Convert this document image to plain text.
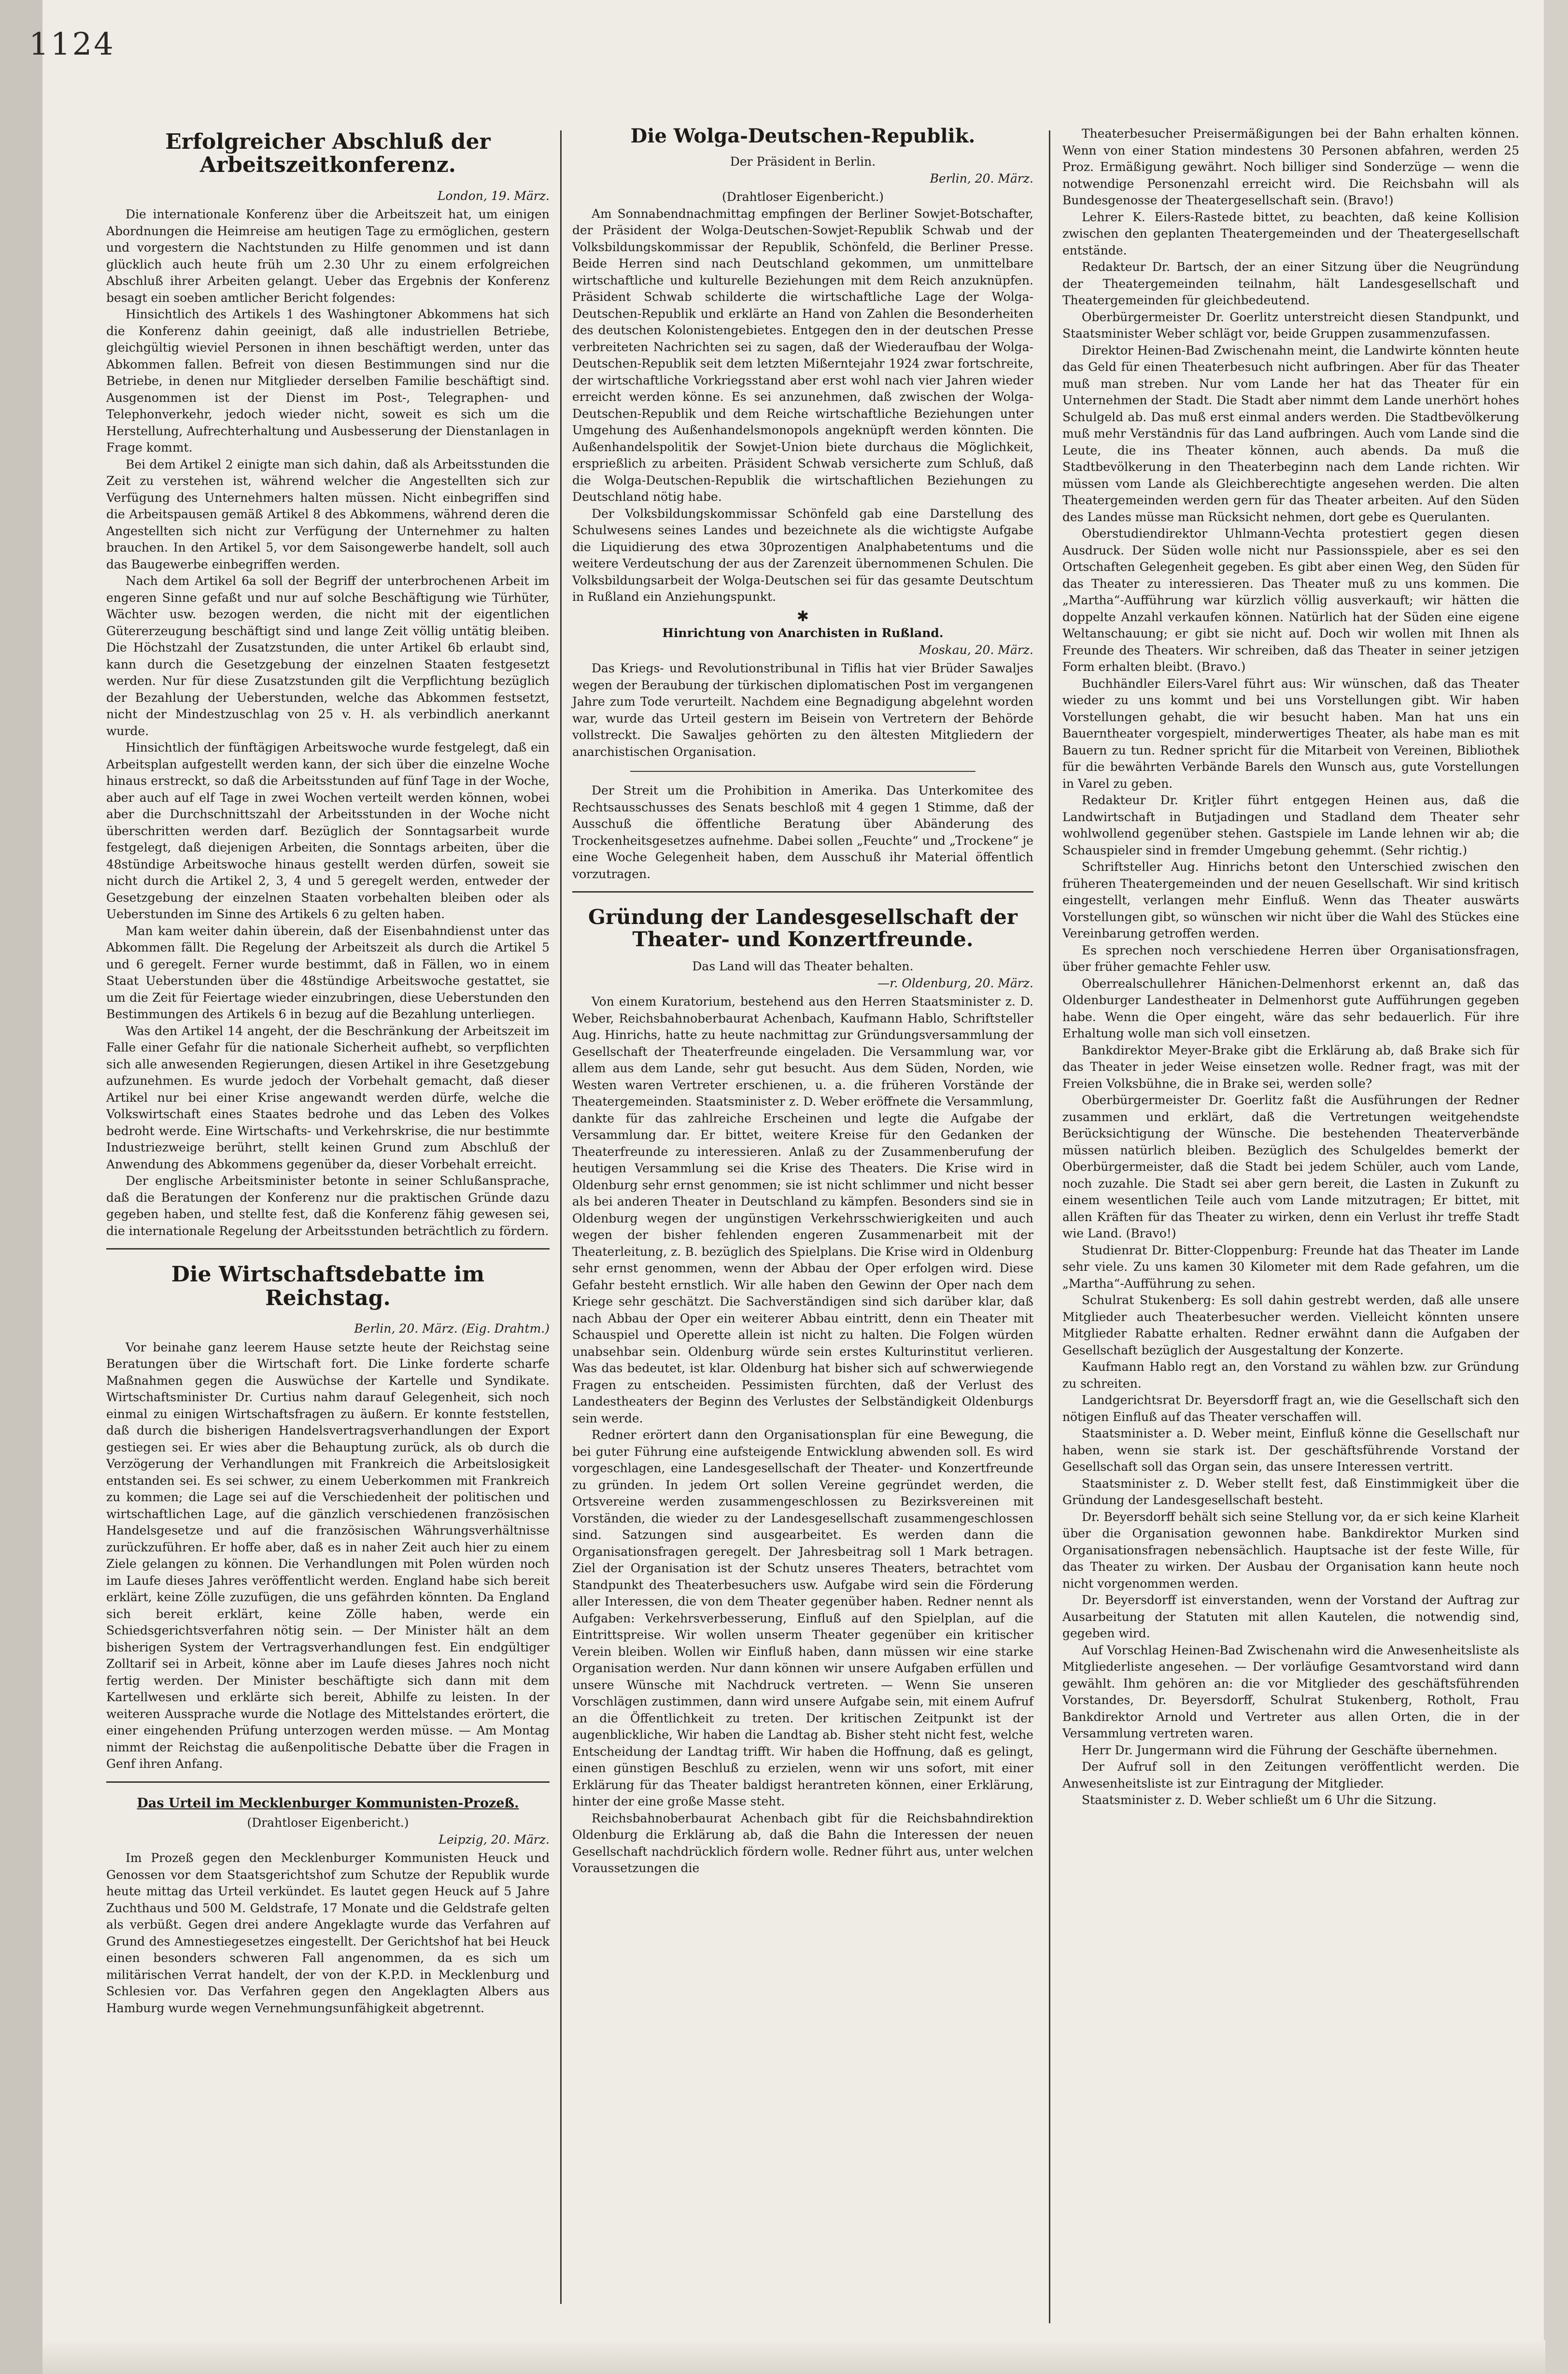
1124
Erfolgreicher Abschluß der Arbeitszeitkonferenz.
London, 19. März.

Die internationale Konferenz über die Arbeitszeit hat, um einigen Abordnungen die Heimreise am heutigen Tage zu ermöglichen, gestern und vorgestern die Nachtstunden zu Hilfe genommen und ist dann glücklich auch heute früh um 2.30 Uhr zu einem erfolgreichen Abschluß ihrer Arbeiten gelangt. Ueber das Ergebnis der Konferenz besagt ein soeben amtlicher Bericht folgendes:

Hinsichtlich des Artikels 1 des Washingtoner Abkommens hat sich die Konferenz dahin geeinigt, daß alle industriellen Betriebe, gleichgültig wieviel Personen in ihnen beschäftigt werden, unter das Abkommen fallen. Befreit von diesen Bestimmungen sind nur die Betriebe, in denen nur Mitglieder derselben Familie beschäftigt sind. Ausgenommen ist der Dienst im Post-, Telegraphen- und Telephonverkehr, jedoch wieder nicht, soweit es sich um die Herstellung, Aufrechterhaltung und Ausbesserung der Dienstanlagen in Frage kommt.

Bei dem Artikel 2 einigte man sich dahin, daß als Arbeitsstunden die Zeit zu verstehen ist, während welcher die Angestellten sich zur Verfügung des Unternehmers halten müssen. Nicht einbegriffen sind die Arbeitspausen gemäß Artikel 8 des Abkommens, während deren die Angestellten sich nicht zur Verfügung der Unternehmer zu halten brauchen. In den Artikel 5, vor dem Saisongewerbe handelt, soll auch das Baugewerbe einbegriffen werden.

Nach dem Artikel 6a soll der Begriff der unterbrochenen Arbeit im engeren Sinne gefaßt und nur auf solche Beschäftigung wie Türhüter, Wächter usw. bezogen werden, die nicht mit der eigentlichen Gütererzeugung beschäftigt sind und lange Zeit völlig untätig bleiben. Die Höchstzahl der Zusatzstunden, die unter Artikel 6b erlaubt sind, kann durch die Gesetzgebung der einzelnen Staaten festgesetzt werden. Nur für diese Zusatzstunden gilt die Verpflichtung bezüglich der Bezahlung der Ueberstunden, welche das Abkommen festsetzt, nicht der Mindestzuschlag von 25 v. H. als verbindlich anerkannt wurde.

Hinsichtlich der fünftägigen Arbeitswoche wurde festgelegt, daß ein Arbeitsplan aufgestellt werden kann, der sich über die einzelne Woche hinaus erstreckt, so daß die Arbeitsstunden auf fünf Tage in der Woche, aber auch auf elf Tage in zwei Wochen verteilt werden können, wobei aber die Durchschnittszahl der Arbeitsstunden in der Woche nicht überschritten werden darf. Bezüglich der Sonntagsarbeit wurde festgelegt, daß diejenigen Arbeiten, die Sonntags arbeiten, über die 48stündige Arbeitswoche hinaus gestellt werden dürfen, soweit sie nicht durch die Artikel 2, 3, 4 und 5 geregelt werden, entweder der Gesetzgebung der einzelnen Staaten vorbehalten bleiben oder als Ueberstunden im Sinne des Artikels 6 zu gelten haben.

Man kam weiter dahin überein, daß der Eisenbahndienst unter das Abkommen fällt. Die Regelung der Arbeitszeit als durch die Artikel 5 und 6 geregelt. Ferner wurde bestimmt, daß in Fällen, wo in einem Staat Ueberstunden über die 48stündige Arbeitswoche gestattet, sie um die Zeit für Feiertage wieder einzubringen, diese Ueberstunden den Bestimmungen des Artikels 6 in bezug auf die Bezahlung unterliegen.

Was den Artikel 14 angeht, der die Beschränkung der Arbeitszeit im Falle einer Gefahr für die nationale Sicherheit aufhebt, so verpflichten sich alle anwesenden Regierungen, diesen Artikel in ihre Gesetzgebung aufzunehmen. Es wurde jedoch der Vorbehalt gemacht, daß dieser Artikel nur bei einer Krise angewandt werden dürfe, welche die Volkswirtschaft eines Staates bedrohe und das Leben des Volkes bedroht werde. Eine Wirtschafts- und Verkehrskrise, die nur bestimmte Industriezweige berührt, stellt keinen Grund zum Abschluß der Anwendung des Abkommens gegenüber da, dieser Vorbehalt erreicht.

Der englische Arbeitsminister betonte in seiner Schlußansprache, daß die Beratungen der Konferenz nur die praktischen Gründe dazu gegeben haben, und stellte fest, daß die Konferenz fähig gewesen sei, die internationale Regelung der Arbeitsstunden beträchtlich zu fördern.

Die Wirtschaftsdebatte im Reichstag.
Berlin, 20. März. (Eig. Drahtm.)

Vor beinahe ganz leerem Hause setzte heute der Reichstag seine Beratungen über die Wirtschaft fort. Die Linke forderte scharfe Maßnahmen gegen die Auswüchse der Kartelle und Syndikate. Wirtschaftsminister Dr. Curtius nahm darauf Gelegenheit, sich noch einmal zu einigen Wirtschaftsfragen zu äußern. Er konnte feststellen, daß durch die bisherigen Handelsvertragsverhandlungen der Export gestiegen sei. Er wies aber die Behauptung zurück, als ob durch die Verzögerung der Verhandlungen mit Frankreich die Arbeitslosigkeit entstanden sei. Es sei schwer, zu einem Ueberkommen mit Frankreich zu kommen; die Lage sei auf die Verschiedenheit der politischen und wirtschaftlichen Lage, auf die gänzlich verschiedenen französischen Handelsgesetze und auf die französischen Währungsverhältnisse zurückzuführen. Er hoffe aber, daß es in naher Zeit auch hier zu einem Ziele gelangen zu können. Die Verhandlungen mit Polen würden noch im Laufe dieses Jahres veröffentlicht werden. England habe sich bereit erklärt, keine Zölle zuzufügen, die uns gefährden könnten. Da England sich bereit erklärt, keine Zölle haben, werde ein Schiedsgerichtsverfahren nötig sein. — Der Minister hält an dem bisherigen System der Vertragsverhandlungen fest. Ein endgültiger Zolltarif sei in Arbeit, könne aber im Laufe dieses Jahres noch nicht fertig werden. Der Minister beschäftigte sich dann mit dem Kartellwesen und erklärte sich bereit, Abhilfe zu leisten. In der weiteren Aussprache wurde die Notlage des Mittelstandes erörtert, die einer eingehenden Prüfung unterzogen werden müsse. — Am Montag nimmt der Reichstag die außenpolitische Debatte über die Fragen in Genf ihren Anfang.

Das Urteil im Mecklenburger Kommunisten-Prozeß.
(Drahtloser Eigenbericht.)
Leipzig, 20. März.

Im Prozeß gegen den Mecklenburger Kommunisten Heuck und Genossen vor dem Staatsgerichtshof zum Schutze der Republik wurde heute mittag das Urteil verkündet. Es lautet gegen Heuck auf 5 Jahre Zuchthaus und 500 M. Geldstrafe, 17 Monate und die Geldstrafe gelten als verbüßt. Gegen drei andere Angeklagte wurde das Verfahren auf Grund des Amnestiegesetzes eingestellt. Der Gerichtshof hat bei Heuck einen besonders schweren Fall angenommen, da es sich um militärischen Verrat handelt, der von der K.P.D. in Mecklenburg und Schlesien vor. Das Verfahren gegen den Angeklagten Albers aus Hamburg wurde wegen Vernehmungsunfähigkeit abgetrennt.

Die Wolga-Deutschen-Republik.
Der Präsident in Berlin.
Berlin, 20. März.
(Drahtloser Eigenbericht.)

Am Sonnabendnachmittag empfingen der Berliner Sowjet-Botschafter, der Präsident der Wolga-Deutschen-Sowjet-Republik Schwab und der Volksbildungskommissar der Republik, Schönfeld, die Berliner Presse. Beide Herren sind nach Deutschland gekommen, um unmittelbare wirtschaftliche und kulturelle Beziehungen mit dem Reich anzuknüpfen. Präsident Schwab schilderte die wirtschaftliche Lage der Wolga-Deutschen-Republik und erklärte an Hand von Zahlen die Besonderheiten des deutschen Kolonistengebietes. Entgegen den in der deutschen Presse verbreiteten Nachrichten sei zu sagen, daß der Wiederaufbau der Wolga-Deutschen-Republik seit dem letzten Mißerntejahr 1924 zwar fortschreite, der wirtschaftliche Vorkriegsstand aber erst wohl nach vier Jahren wieder erreicht werden könne. Es sei anzunehmen, daß zwischen der Wolga-Deutschen-Republik und dem Reiche wirtschaftliche Beziehungen unter Umgehung des Außenhandelsmonopols angeknüpft werden könnten. Die Außenhandelspolitik der Sowjet-Union biete durchaus die Möglichkeit, ersprießlich zu arbeiten. Präsident Schwab versicherte zum Schluß, daß die Wolga-Deutschen-Republik die wirtschaftlichen Beziehungen zu Deutschland nötig habe.

Der Volksbildungskommissar Schönfeld gab eine Darstellung des Schulwesens seines Landes und bezeichnete als die wichtigste Aufgabe die Liquidierung des etwa 30prozentigen Analphabetentums und die weitere Verdeutschung der aus der Zarenzeit übernommenen Schulen. Die Volksbildungsarbeit der Wolga-Deutschen sei für das gesamte Deutschtum in Rußland ein Anziehungspunkt.

✱
Hinrichtung von Anarchisten in Rußland.
Moskau, 20. März.

Das Kriegs- und Revolutionstribunal in Tiflis hat vier Brüder Sawaljes wegen der Beraubung der türkischen diplomatischen Post im vergangenen Jahre zum Tode verurteilt. Nachdem eine Begnadigung abgelehnt worden war, wurde das Urteil gestern im Beisein von Vertretern der Behörde vollstreckt. Die Sawaljes gehörten zu den ältesten Mitgliedern der anarchistischen Organisation.

Der Streit um die Prohibition in Amerika. Das Unterkomitee des Rechtsausschusses des Senats beschloß mit 4 gegen 1 Stimme, daß der Ausschuß die öffentliche Beratung über Abänderung des Trockenheitsgesetzes aufnehme. Dabei sollen „Feuchte“ und „Trockene“ je eine Woche Gelegenheit haben, dem Ausschuß ihr Material öffentlich vorzutragen.

Gründung der Landesgesellschaft der Theater- und Konzertfreunde.
Das Land will das Theater behalten.
—r. Oldenburg, 20. März.

Von einem Kuratorium, bestehend aus den Herren Staatsminister z. D. Weber, Reichsbahnoberbaurat Achenbach, Kaufmann Hablo, Schriftsteller Aug. Hinrichs, hatte zu heute nachmittag zur Gründungsversammlung der Gesellschaft der Theaterfreunde eingeladen. Die Versammlung war, vor allem aus dem Lande, sehr gut besucht. Aus dem Süden, Norden, wie Westen waren Vertreter erschienen, u. a. die früheren Vorstände der Theatergemeinden. Staatsminister z. D. Weber eröffnete die Versammlung, dankte für das zahlreiche Erscheinen und legte die Aufgabe der Versammlung dar. Er bittet, weitere Kreise für den Gedanken der Theaterfreunde zu interessieren. Anlaß zu der Zusammenberufung der heutigen Versammlung sei die Krise des Theaters. Die Krise wird in Oldenburg sehr ernst genommen; sie ist nicht schlimmer und nicht besser als bei anderen Theater in Deutschland zu kämpfen. Besonders sind sie in Oldenburg wegen der ungünstigen Verkehrsschwierigkeiten und auch wegen der bisher fehlenden engeren Zusammenarbeit mit der Theaterleitung, z. B. bezüglich des Spielplans. Die Krise wird in Oldenburg sehr ernst genommen, wenn der Abbau der Oper erfolgen wird. Diese Gefahr besteht ernstlich. Wir alle haben den Gewinn der Oper nach dem Kriege sehr geschätzt. Die Sachverständigen sind sich darüber klar, daß nach Abbau der Oper ein weiterer Abbau eintritt, denn ein Theater mit Schauspiel und Operette allein ist nicht zu halten. Die Folgen würden unabsehbar sein. Oldenburg würde sein erstes Kulturinstitut verlieren. Was das bedeutet, ist klar. Oldenburg hat bisher sich auf schwerwiegende Fragen zu entscheiden. Pessimisten fürchten, daß der Verlust des Landestheaters der Beginn des Verlustes der Selbständigkeit Oldenburgs sein werde.

Redner erörtert dann den Organisationsplan für eine Bewegung, die bei guter Führung eine aufsteigende Entwicklung abwenden soll. Es wird vorgeschlagen, eine Landesgesellschaft der Theater- und Konzertfreunde zu gründen. In jedem Ort sollen Vereine gegründet werden, die Ortsvereine werden zusammengeschlossen zu Bezirksvereinen mit Vorständen, die wieder zu der Landesgesellschaft zusammengeschlossen sind. Satzungen sind ausgearbeitet. Es werden dann die Organisationsfragen geregelt. Der Jahresbeitrag soll 1 Mark betragen. Ziel der Organisation ist der Schutz unseres Theaters, betrachtet vom Standpunkt des Theaterbesuchers usw. Aufgabe wird sein die Förderung aller Interessen, die von dem Theater gegenüber haben. Redner nennt als Aufgaben: Verkehrsverbesserung, Einfluß auf den Spielplan, auf die Eintrittspreise. Wir wollen unserm Theater gegenüber ein kritischer Verein bleiben. Wollen wir Einfluß haben, dann müssen wir eine starke Organisation werden. Nur dann können wir unsere Aufgaben erfüllen und unsere Wünsche mit Nachdruck vertreten. — Wenn Sie unseren Vorschlägen zustimmen, dann wird unsere Aufgabe sein, mit einem Aufruf an die Öffentlichkeit zu treten. Der kritischen Zeitpunkt ist der augenblickliche, Wir haben die Landtag ab. Bisher steht nicht fest, welche Entscheidung der Landtag trifft. Wir haben die Hoffnung, daß es gelingt, einen günstigen Beschluß zu erzielen, wenn wir uns sofort, mit einer Erklärung für das Theater baldigst herantreten können, einer Erklärung, hinter der eine große Masse steht.

Reichsbahnoberbaurat Achenbach gibt für die Reichsbahndirektion Oldenburg die Erklärung ab, daß die Bahn die Interessen der neuen Gesellschaft nachdrücklich fördern wolle. Redner führt aus, unter welchen Voraussetzungen die

Theaterbesucher Preisermäßigungen bei der Bahn erhalten können. Wenn von einer Station mindestens 30 Personen abfahren, werden 25 Proz. Ermäßigung gewährt. Noch billiger sind Sonderzüge — wenn die notwendige Personenzahl erreicht wird. Die Reichsbahn will als Bundesgenosse der Theatergesellschaft sein. (Bravo!)

Lehrer K. Eilers-Rastede bittet, zu beachten, daß keine Kollision zwischen den geplanten Theatergemeinden und der Theatergesellschaft entstände.

Redakteur Dr. Bartsch, der an einer Sitzung über die Neugründung der Theatergemeinden teilnahm, hält Landesgesellschaft und Theatergemeinden für gleichbedeutend.

Oberbürgermeister Dr. Goerlitz unterstreicht diesen Standpunkt, und Staatsminister Weber schlägt vor, beide Gruppen zusammenzufassen.

Direktor Heinen-Bad Zwischenahn meint, die Landwirte könnten heute das Geld für einen Theaterbesuch nicht aufbringen. Aber für das Theater muß man streben. Nur vom Lande her hat das Theater für ein Unternehmen der Stadt. Die Stadt aber nimmt dem Lande unerhört hohes Schulgeld ab. Das muß erst einmal anders werden. Die Stadtbevölkerung muß mehr Verständnis für das Land aufbringen. Auch vom Lande sind die Leute, die ins Theater können, auch abends. Da muß die Stadtbevölkerung in den Theaterbeginn nach dem Lande richten. Wir müssen vom Lande als Gleichberechtigte angesehen werden. Die alten Theatergemeinden werden gern für das Theater arbeiten. Auf den Süden des Landes müsse man Rücksicht nehmen, dort gebe es Querulanten.

Oberstudiendirektor Uhlmann-Vechta protestiert gegen diesen Ausdruck. Der Süden wolle nicht nur Passionsspiele, aber es sei den Ortschaften Gelegenheit gegeben. Es gibt aber einen Weg, den Süden für das Theater zu interessieren. Das Theater muß zu uns kommen. Die „Martha“-Aufführung war kürzlich völlig ausverkauft; wir hätten die doppelte Anzahl verkaufen können. Natürlich hat der Süden eine eigene Weltanschauung; er gibt sie nicht auf. Doch wir wollen mit Ihnen als Freunde des Theaters. Wir schreiben, daß das Theater in seiner jetzigen Form erhalten bleibt. (Bravo.)

Buchhändler Eilers-Varel führt aus: Wir wünschen, daß das Theater wieder zu uns kommt und bei uns Vorstellungen gibt. Wir haben Vorstellungen gehabt, die wir besucht haben. Man hat uns ein Bauerntheater vorgespielt, minderwertiges Theater, als habe man es mit Bauern zu tun. Redner spricht für die Mitarbeit von Vereinen, Bibliothek für die bewährten Verbände Barels den Wunsch aus, gute Vorstellungen in Varel zu geben.

Redakteur Dr. Kriţler führt entgegen Heinen aus, daß die Landwirtschaft in Butjadingen und Stadland dem Theater sehr wohlwollend gegenüber stehen. Gastspiele im Lande lehnen wir ab; die Schauspieler sind in fremder Umgebung gehemmt. (Sehr richtig.)

Schriftsteller Aug. Hinrichs betont den Unterschied zwischen den früheren Theatergemeinden und der neuen Gesellschaft. Wir sind kritisch eingestellt, verlangen mehr Einfluß. Wenn das Theater auswärts Vorstellungen gibt, so wünschen wir nicht über die Wahl des Stückes eine Vereinbarung getroffen werden.

Es sprechen noch verschiedene Herren über Organisationsfragen, über früher gemachte Fehler usw.

Oberrealschullehrer Hänichen-Delmenhorst erkennt an, daß das Oldenburger Landestheater in Delmenhorst gute Aufführungen gegeben habe. Wenn die Oper eingeht, wäre das sehr bedauerlich. Für ihre Erhaltung wolle man sich voll einsetzen.

Bankdirektor Meyer-Brake gibt die Erklärung ab, daß Brake sich für das Theater in jeder Weise einsetzen wolle. Redner fragt, was mit der Freien Volksbühne, die in Brake sei, werden solle?

Oberbürgermeister Dr. Goerlitz faßt die Ausführungen der Redner zusammen und erklärt, daß die Vertretungen weitgehendste Berücksichtigung der Wünsche. Die bestehenden Theaterverbände müssen natürlich bleiben. Bezüglich des Schulgeldes bemerkt der Oberbürgermeister, daß die Stadt bei jedem Schüler, auch vom Lande, noch zuzahle. Die Stadt sei aber gern bereit, die Lasten in Zukunft zu einem wesentlichen Teile auch vom Lande mitzutragen; Er bittet, mit allen Kräften für das Theater zu wirken, denn ein Verlust ihr treffe Stadt wie Land. (Bravo!)

Studienrat Dr. Bitter-Cloppenburg: Freunde hat das Theater im Lande sehr viele. Zu uns kamen 30 Kilometer mit dem Rade gefahren, um die „Martha“-Aufführung zu sehen.

Schulrat Stukenberg: Es soll dahin gestrebt werden, daß alle unsere Mitglieder auch Theaterbesucher werden. Vielleicht könnten unsere Mitglieder Rabatte erhalten. Redner erwähnt dann die Aufgaben der Gesellschaft bezüglich der Ausgestaltung der Konzerte.

Kaufmann Hablo regt an, den Vorstand zu wählen bzw. zur Gründung zu schreiten.

Landgerichtsrat Dr. Beyersdorff fragt an, wie die Gesellschaft sich den nötigen Einfluß auf das Theater verschaffen will.

Staatsminister a. D. Weber meint, Einfluß könne die Gesellschaft nur haben, wenn sie stark ist. Der geschäftsführende Vorstand der Gesellschaft soll das Organ sein, das unsere Interessen vertritt.

Staatsminister z. D. Weber stellt fest, daß Einstimmigkeit über die Gründung der Landesgesellschaft besteht.

Dr. Beyersdorff behält sich seine Stellung vor, da er sich keine Klarheit über die Organisation gewonnen habe. Bankdirektor Murken sind Organisationsfragen nebensächlich. Hauptsache ist der feste Wille, für das Theater zu wirken. Der Ausbau der Organisation kann heute noch nicht vorgenommen werden.

Dr. Beyersdorff ist einverstanden, wenn der Vorstand der Auftrag zur Ausarbeitung der Statuten mit allen Kautelen, die notwendig sind, gegeben wird.

Auf Vorschlag Heinen-Bad Zwischenahn wird die Anwesenheitsliste als Mitgliederliste angesehen. — Der vorläufige Gesamtvorstand wird dann gewählt. Ihm gehören an: die vor Mitglieder des geschäftsführenden Vorstandes, Dr. Beyersdorff, Schulrat Stukenberg, Rotholt, Frau Bankdirektor Arnold und Vertreter aus allen Orten, die in der Versammlung vertreten waren.

Herr Dr. Jungermann wird die Führung der Geschäfte übernehmen.

Der Aufruf soll in den Zeitungen veröffentlicht werden. Die Anwesenheitsliste ist zur Eintragung der Mitglieder.

Staatsminister z. D. Weber schließt um 6 Uhr die Sitzung.
